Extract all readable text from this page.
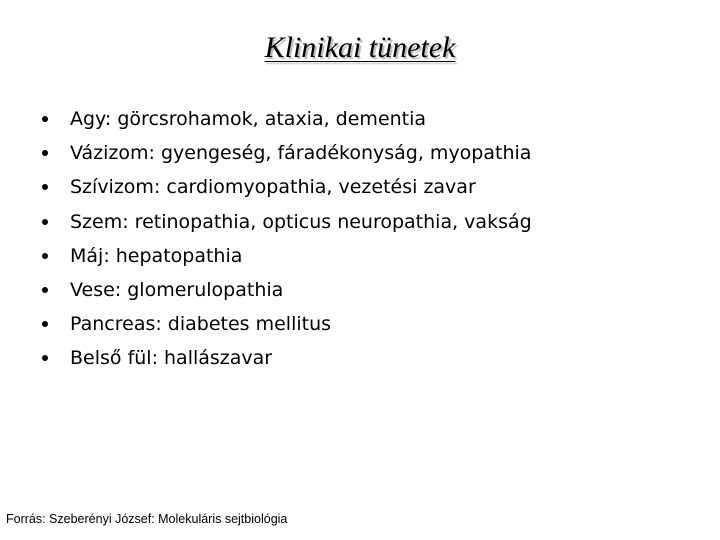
Klinikai tünetek
Agy: görcsrohamok, ataxia, dementia
Vázizom: gyengeség, fáradékonyság, myopathia
Szívizom: cardiomyopathia, vezetési zavar
Szem: retinopathia, opticus neuropathia, vakság
Máj: hepatopathia
Vese: glomerulopathia
Pancreas: diabetes mellitus
Belső fül: hallászavar
Forrás: Szeberényi József: Molekuláris sejtbiológia
